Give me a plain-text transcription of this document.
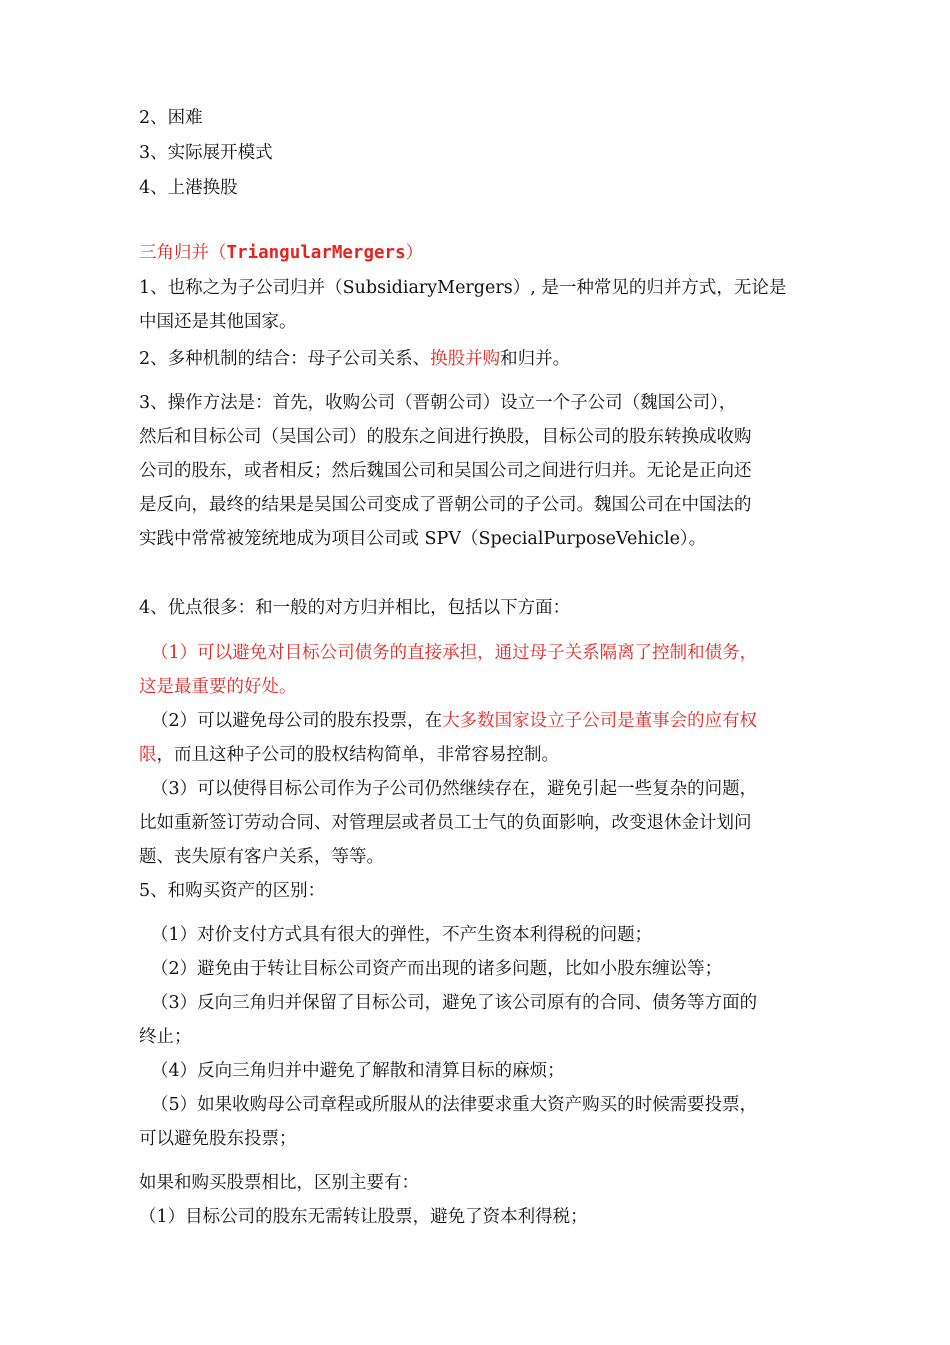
2、困难
3、实际展开模式
4、上港换股
三角归并（TriangularMergers）
1、也称之为子公司归并（SubsidiaryMergers）, 是一种常见的归并方式，无论是
中国还是其他国家。
2、多种机制的结合：母子公司关系、换股并购和归并。
3、操作方法是：首先，收购公司（晋朝公司）设立一个子公司（魏国公司），
然后和目标公司（吴国公司）的股东之间进行换股，目标公司的股东转换成收购
公司的股东，或者相反；然后魏国公司和吴国公司之间进行归并。无论是正向还
是反向，最终的结果是吴国公司变成了晋朝公司的子公司。魏国公司在中国法的
实践中常常被笼统地成为项目公司或 SPV（SpecialPurposeVehicle）。
4、优点很多：和一般的对方归并相比，包括以下方面：
（1）可以避免对目标公司债务的直接承担，通过母子关系隔离了控制和债务，
这是最重要的好处。
（2）可以避免母公司的股东投票，在大多数国家设立子公司是董事会的应有权
限，而且这种子公司的股权结构简单，非常容易控制。
（3）可以使得目标公司作为子公司仍然继续存在，避免引起一些复杂的问题，
比如重新签订劳动合同、对管理层或者员工士气的负面影响，改变退休金计划问
题、丧失原有客户关系，等等。
5、和购买资产的区别：
（1）对价支付方式具有很大的弹性，不产生资本利得税的问题；
（2）避免由于转让目标公司资产而出现的诸多问题，比如小股东缠讼等；
（3）反向三角归并保留了目标公司，避免了该公司原有的合同、债务等方面的
终止；
（4）反向三角归并中避免了解散和清算目标的麻烦；
（5）如果收购母公司章程或所服从的法律要求重大资产购买的时候需要投票，
可以避免股东投票；
如果和购买股票相比，区别主要有：
（1）目标公司的股东无需转让股票，避免了资本利得税；
